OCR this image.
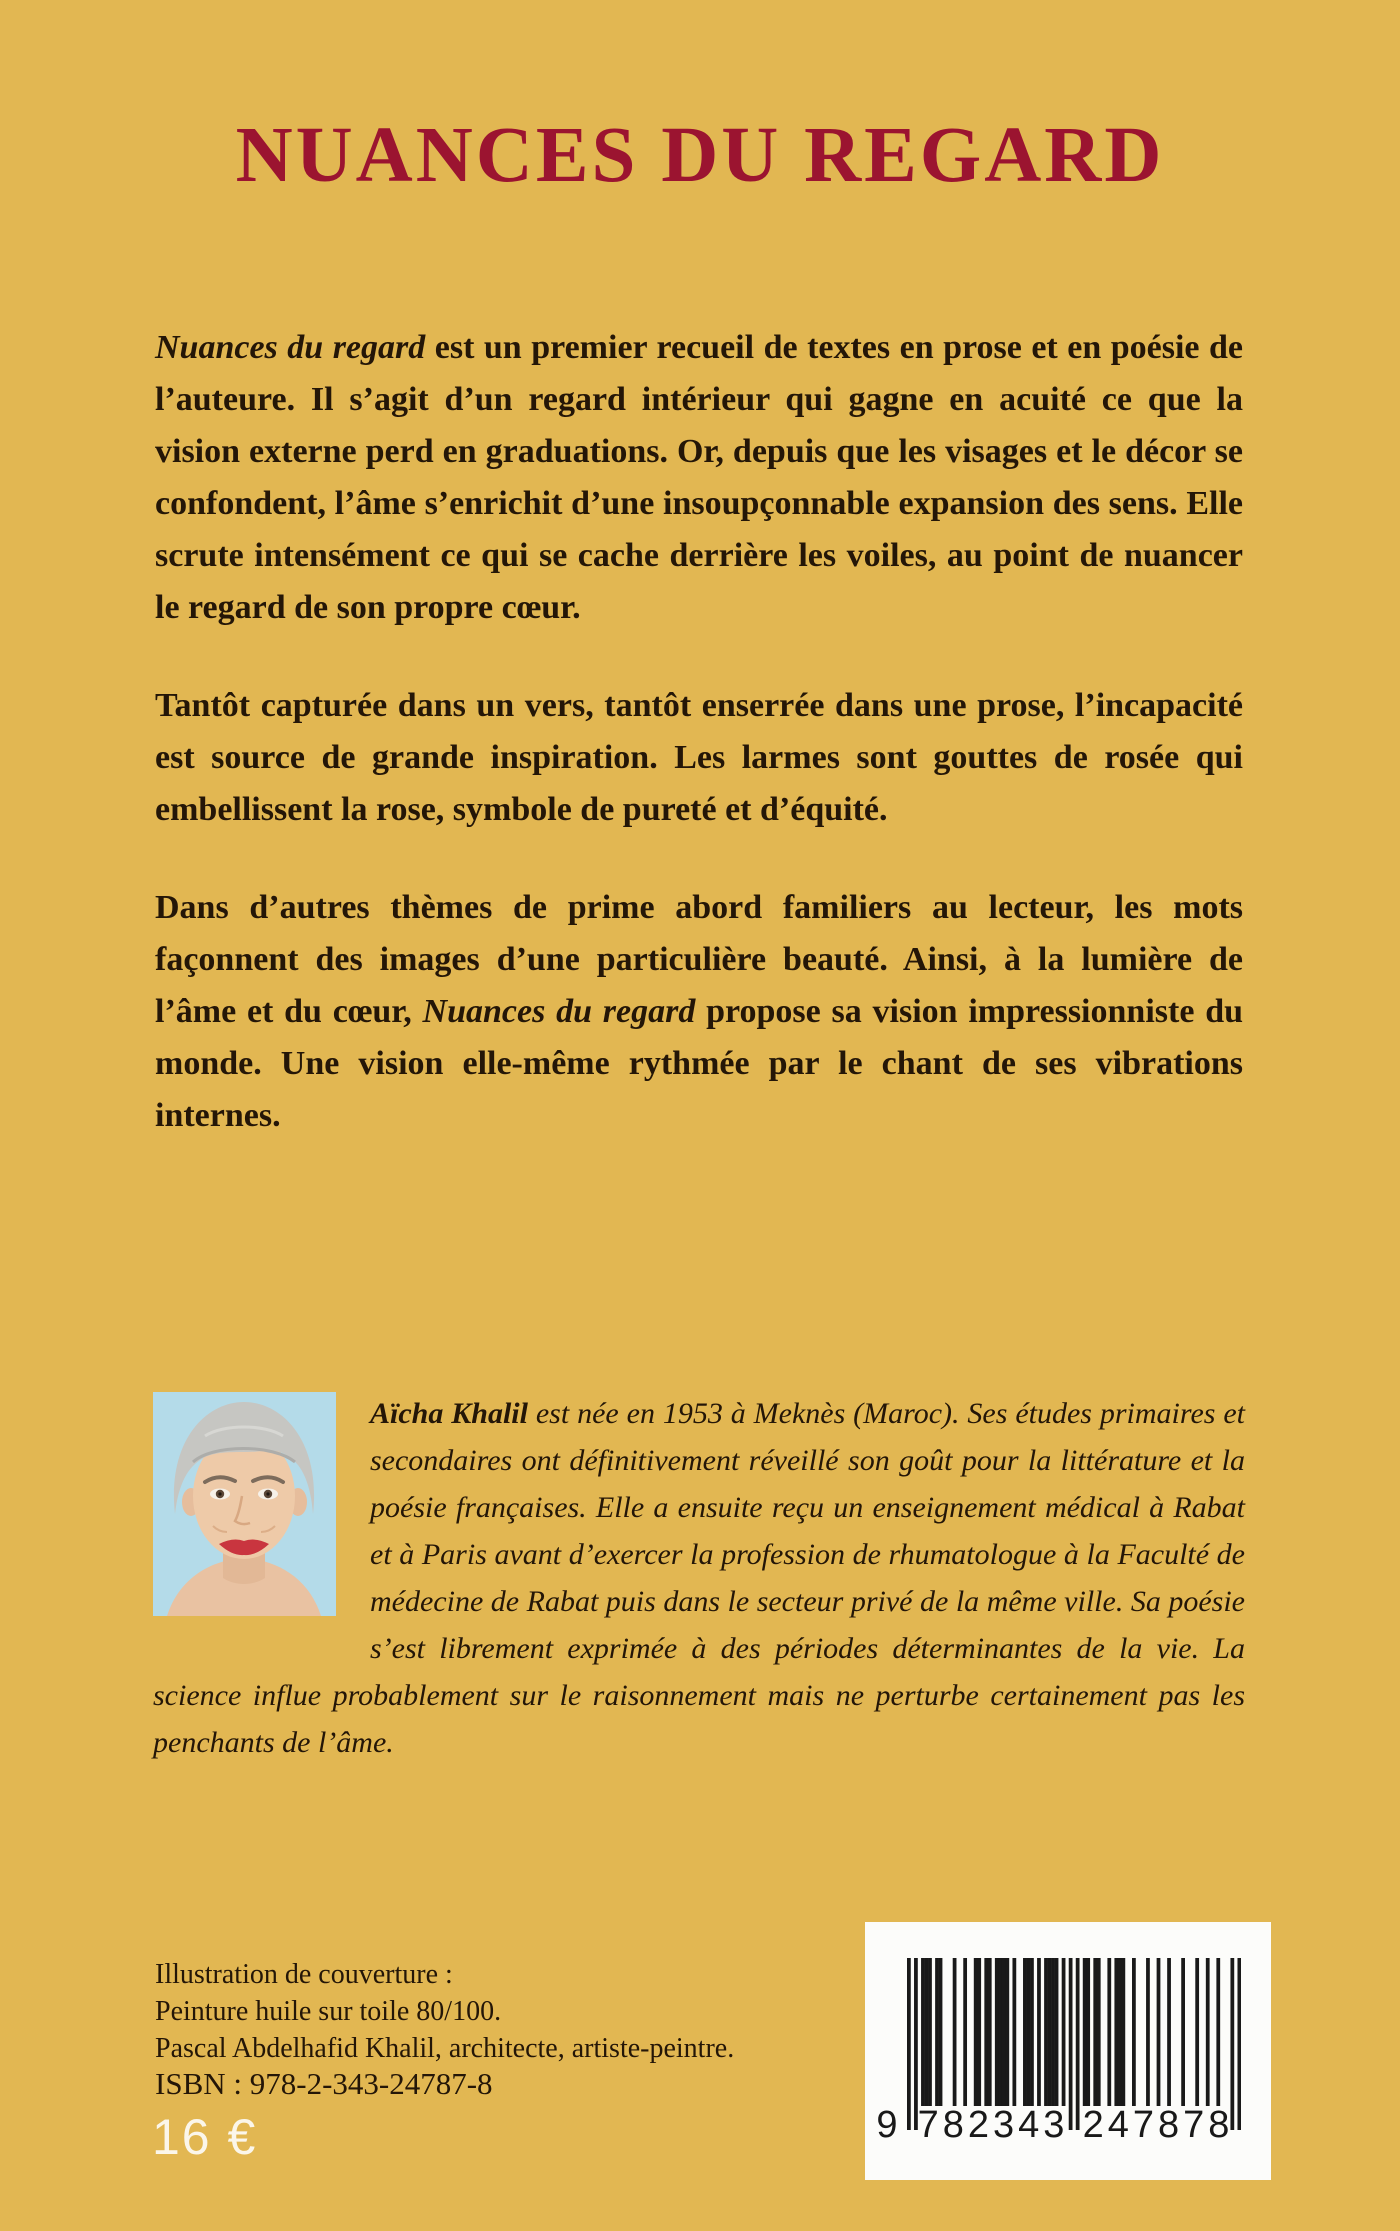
NUANCES DU REGARD

Nuances du regard est un premier recueil de textes en prose et en poésie de l’auteure. Il s’agit d’un regard intérieur qui gagne en acuité ce que la vision externe perd en graduations. Or, depuis que les visages et le décor se confondent, l’âme s’enrichit d’une insoupçonnable expansion des sens. Elle scrute intensément ce qui se cache derrière les voiles, au point de nuancer le regard de son propre cœur.

Tantôt capturée dans un vers, tantôt enserrée dans une prose, l’incapacité est source de grande inspiration. Les larmes sont gouttes de rosée qui embellissent la rose, symbole de pureté et d’équité.

Dans d’autres thèmes de prime abord familiers au lecteur, les mots façonnent des images d’une particulière beauté. Ainsi, à la lumière de l’âme et du cœur, Nuances du regard propose sa vision impressionniste du monde. Une vision elle-même rythmée par le chant de ses vibrations internes.

Aïcha Khalil est née en 1953 à Meknès (Maroc). Ses études primaires et secondaires ont définitivement réveillé son goût pour la littérature et la poésie françaises. Elle a ensuite reçu un enseignement médical à Rabat et à Paris avant d’exercer la profession de rhumatologue à la Faculté de médecine de Rabat puis dans le secteur privé de la même ville. Sa poésie s’est librement exprimée à des périodes déterminantes de la vie. La science influe probablement sur le raisonnement mais ne perturbe certainement pas les penchants de l’âme.
Illustration de couverture :
Peinture huile sur toile 80/100.
Pascal Abdelhafid Khalil, architecte, artiste-peintre.
ISBN : 978-2-343-24787-8
16 €	9 782343 247878
